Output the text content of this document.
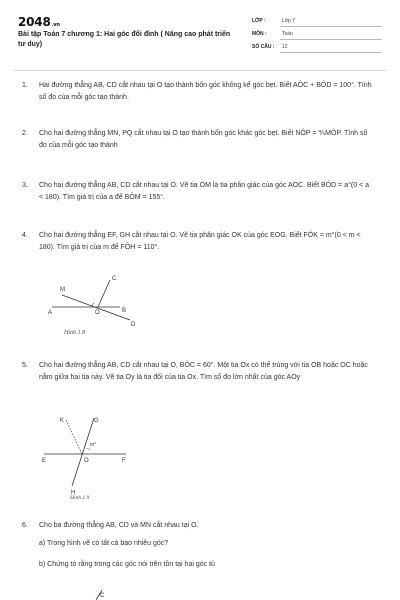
2048.vn
Bài tập Toán 7 chương 1: Hai góc đối đỉnh ( Nâng cao phát triển tư duy)
LỚP :	Lớp 7
MÔN :	Toán
SỐ CÂU : 12
1.	Hai đường thẳng AB, CD cắt nhau tại O tạo thành bốn góc không kể góc bẹt. Biết AÔC + BÔD = 100°. Tính số đo của mỗi góc tạo thành.
2.	Cho hai đường thẳng MN, PQ cắt nhau tại O tạo thành bốn góc khác góc bẹt. Biết NÔP = ⅘MÔP. Tính số đo của mỗi góc tạo thành
3.	Cho hai đường thẳng AB, CD cắt nhau tại O. Vẽ tia OM là tia phân giác của góc AOC. Biết BÔD = a°(0 < a < 180). Tìm giá trị của a để BÔM = 155°.
4.	Cho hai đường thẳng EF, GH cắt nhau tại O. Vẽ tia phân giác OK của góc EOG. Biết FÔK = m°(0 < m < 180). Tìm giá trị của m để FÔH = 110°.
M
C
A	O	B
D
Hình 1.8
5.	Cho hai đường thẳng AB, CD cắt nhau tại O, BÔC = 60°. Một tia Ox có thể trùng với tia OB hoặc OC hoặc nằm giữa hai tia này. Vẽ tia Oy là tia đối của tia Ox. Tìm số đo lớn nhất của góc AOy
K	G
m°
E	O	F
H
Hình 1.9
6.	Cho ba đường thẳng AB, CD và MN cắt nhau tại O.
a) Trong hình vẽ có tất cả bao nhiêu góc?
b) Chứng tỏ rằng trong các góc nói trên tồn tại hai góc tù
C
